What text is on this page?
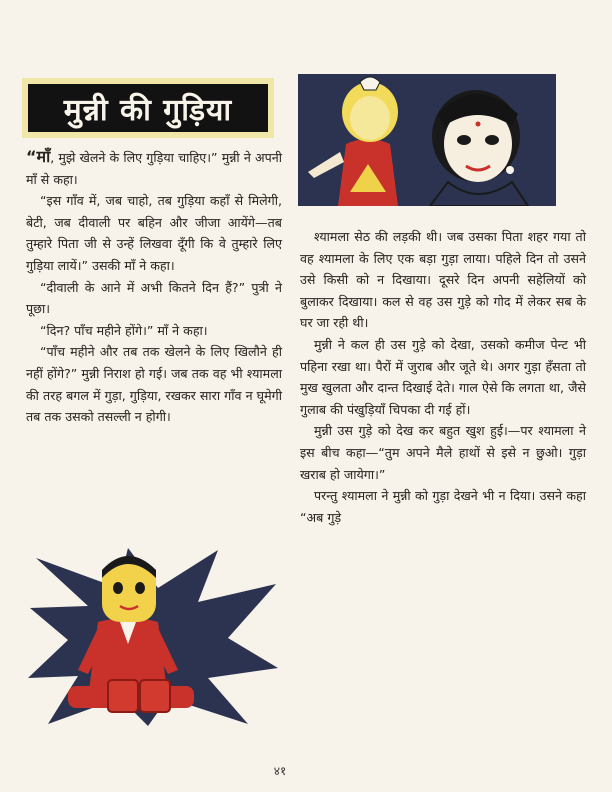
मुन्नी की गुड़िया

“माँ, मुझे खेलने के लिए गुड़िया चाहिए।” मुन्नी ने अपनी माँ से कहा।

“इस गाँव में, जब चाहो, तब गुड़िया कहाँ से मिलेगी, बेटी, जब दीवाली पर बहिन और जीजा आयेंगे—तब तुम्हारे पिता जी से उन्हें लिखवा दूँगी कि वे तुम्हारे लिए गुड़िया लायें।” उसकी माँ ने कहा।

“दीवाली के आने में अभी कितने दिन हैं?” पुत्री ने पूछा।

“दिन? पाँच महीने होंगे।” माँ ने कहा।

“पाँच महीने और तब तक खेलने के लिए खिलौने ही नहीं होंगे?” मुन्नी निराश हो गई। जब तक वह भी श्यामला की तरह बगल में गुड़ा, गुड़िया, रखकर सारा गाँव न घूमेगी तब तक उसको तसल्ली न होगी।

श्यामला सेठ की लड़की थी। जब उसका पिता शहर गया तो वह श्यामला के लिए एक बड़ा गुड़ा लाया। पहिले दिन तो उसने उसे किसी को न दिखाया। दूसरे दिन अपनी सहेलियों को बुलाकर दिखाया। कल से वह उस गुड़े को गोद में लेकर सब के घर जा रही थी।

मुन्नी ने कल ही उस गुड़े को देखा, उसको कमीज पेन्ट भी पहिना रखा था। पैरों में जुराब और जूते थे। अगर गुड़ा हँसता तो मुख खुलता और दान्त दिखाई देते। गाल ऐसे कि लगता था, जैसे गुलाब की पंखुड़ियाँ चिपका दी गई हों।

मुन्नी उस गुड़े को देख कर बहुत खुश हुई।—पर श्यामला ने इस बीच कहा—“तुम अपने मैले हाथों से इसे न छुओ। गुड़ा खराब हो जायेगा।”

परन्तु श्यामला ने मुन्नी को गुड़ा देखने भी न दिया। उसने कहा “अब गुड़े

४१
